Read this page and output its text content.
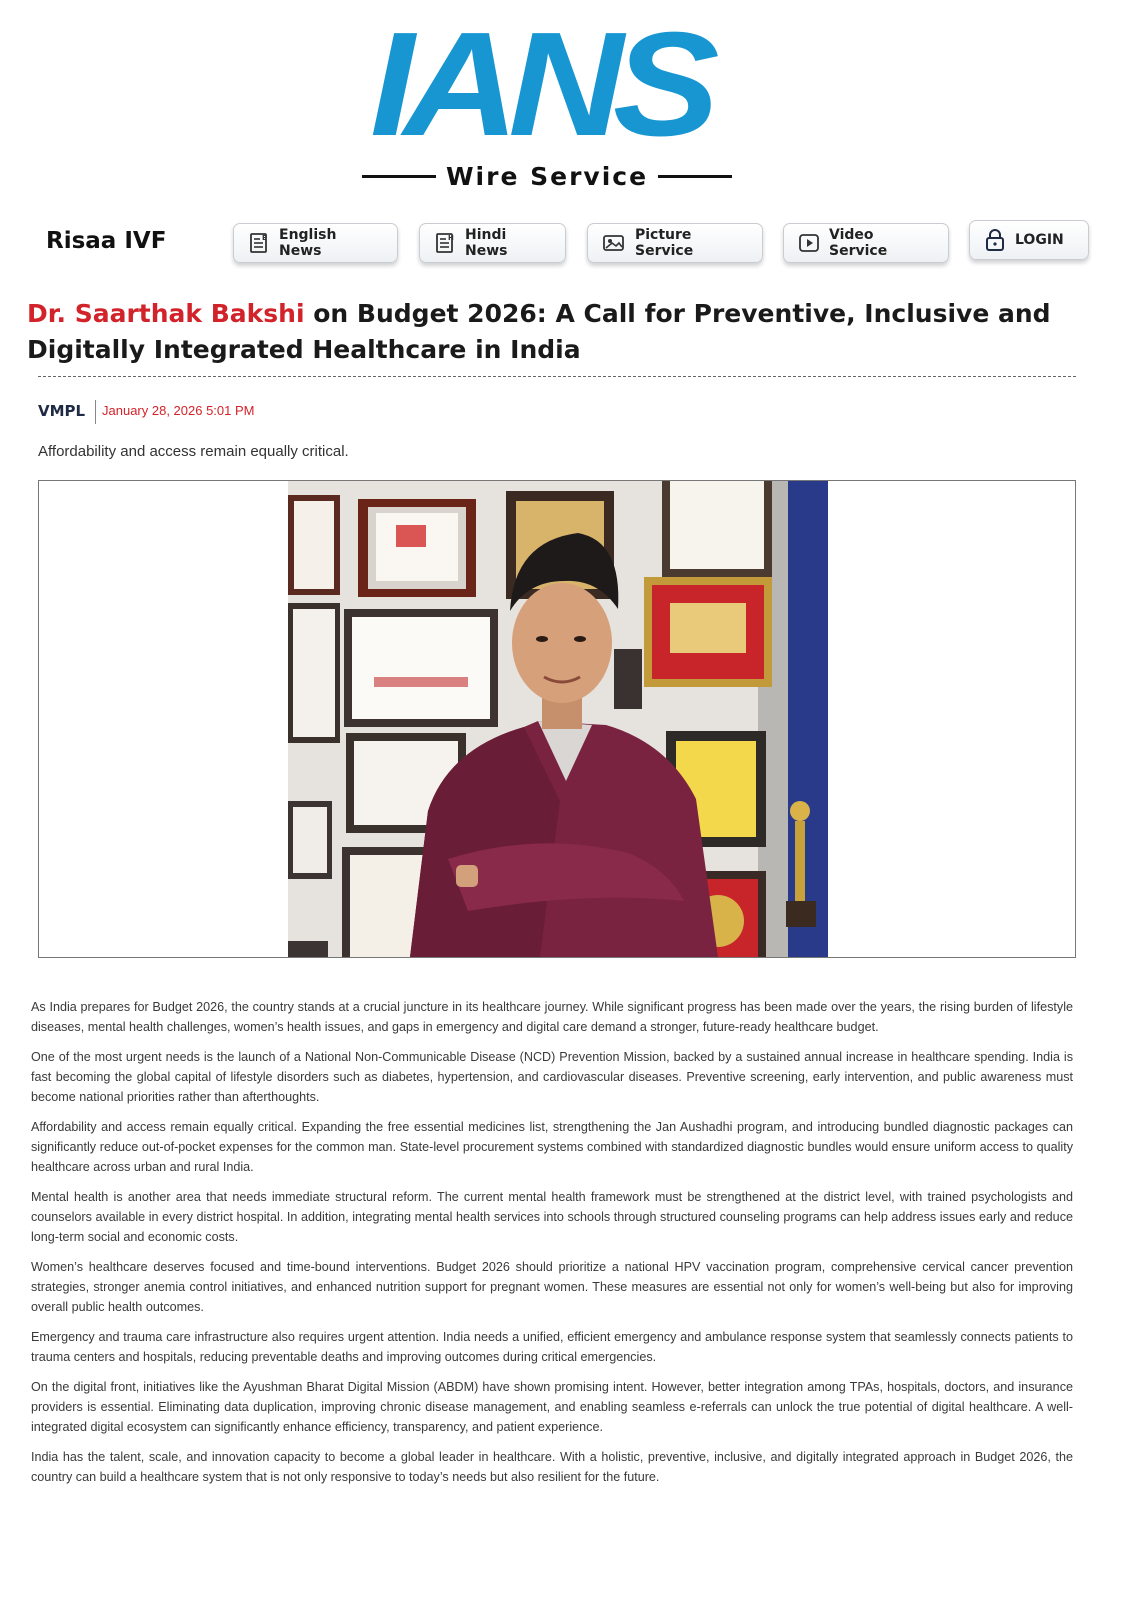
IANS
Wire Service
Risaa IVF	E English News
H Hindi News
Picture Service
Video Service
LOGIN
Dr. Saarthak Bakshi on Budget 2026: A Call for Preventive, Inclusive and Digitally Integrated Healthcare in India
VMPL January 28, 2026 5:01 PM
Affordability and access remain equally critical.

As India prepares for Budget 2026, the country stands at a crucial juncture in its healthcare journey. While significant progress has been made over the years, the rising burden of lifestyle diseases, mental health challenges, women’s health issues, and gaps in emergency and digital care demand a stronger, future-ready healthcare budget.

One of the most urgent needs is the launch of a National Non-Communicable Disease (NCD) Prevention Mission, backed by a sustained annual increase in healthcare spending. India is fast becoming the global capital of lifestyle disorders such as diabetes, hypertension, and cardiovascular diseases. Preventive screening, early intervention, and public awareness must become national priorities rather than afterthoughts.

Affordability and access remain equally critical. Expanding the free essential medicines list, strengthening the Jan Aushadhi program, and introducing bundled diagnostic packages can significantly reduce out-of-pocket expenses for the common man. State-level procurement systems combined with standardized diagnostic bundles would ensure uniform access to quality healthcare across urban and rural India.

Mental health is another area that needs immediate structural reform. The current mental health framework must be strengthened at the district level, with trained psychologists and counselors available in every district hospital. In addition, integrating mental health services into schools through structured counseling programs can help address issues early and reduce long-term social and economic costs.

Women’s healthcare deserves focused and time-bound interventions. Budget 2026 should prioritize a national HPV vaccination program, comprehensive cervical cancer prevention strategies, stronger anemia control initiatives, and enhanced nutrition support for pregnant women. These measures are essential not only for women’s well-being but also for improving overall public health outcomes.

Emergency and trauma care infrastructure also requires urgent attention. India needs a unified, efficient emergency and ambulance response system that seamlessly connects patients to trauma centers and hospitals, reducing preventable deaths and improving outcomes during critical emergencies.

On the digital front, initiatives like the Ayushman Bharat Digital Mission (ABDM) have shown promising intent. However, better integration among TPAs, hospitals, doctors, and insurance providers is essential. Eliminating data duplication, improving chronic disease management, and enabling seamless e-referrals can unlock the true potential of digital healthcare. A well-integrated digital ecosystem can significantly enhance efficiency, transparency, and patient experience.

India has the talent, scale, and innovation capacity to become a global leader in healthcare. With a holistic, preventive, inclusive, and digitally integrated approach in Budget 2026, the country can build a healthcare system that is not only responsive to today’s needs but also resilient for the future.
